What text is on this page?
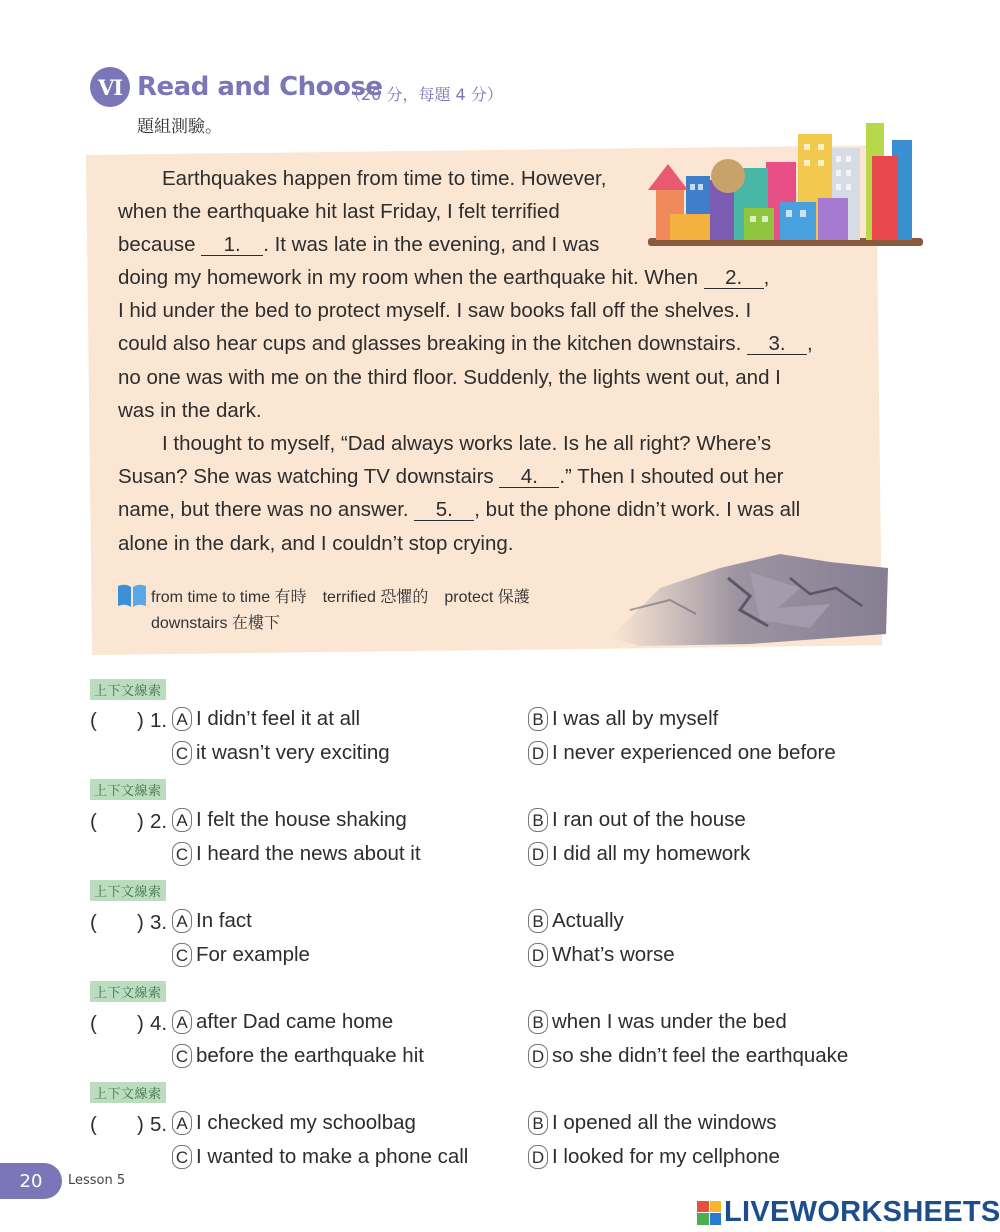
VI Read and Choose
（20 分，每題 4 分）
題組測驗。
Earthquakes happen from time to time. However,
when the earthquake hit last Friday, I felt terrified
because 1. . It was late in the evening, and I was
doing my homework in my room when the earthquake hit. When 2. ,
I hid under the bed to protect myself. I saw books fall off the shelves. I
could also hear cups and glasses breaking in the kitchen downstairs. 3. ,
no one was with me on the third floor. Suddenly, the lights went out, and I
was in the dark.
I thought to myself, “Dad always works late. Is he all right? Where’s
Susan? She was watching TV downstairs 4. .” Then I shouted out her
name, but there was no answer. 5. , but the phone didn’t work. I was all
alone in the dark, and I couldn’t stop crying.
from time to time 有時　terrified 恐懼的　protect 保護
downstairs 在樓下
上下文線索
( ) 1. A I didn’t feel it at all	B I was all by myself
C it wasn’t very exciting	D I never experienced one before
上下文線索
( ) 2. A I felt the house shaking	B I ran out of the house
C I heard the news about it	D I did all my homework
上下文線索
( ) 3. A In fact	B Actually
C For example	D What’s worse
上下文線索
( ) 4. A after Dad came home	B when I was under the bed
C before the earthquake hit	D so she didn’t feel the earthquake
上下文線索
( ) 5. A I checked my schoolbag	B I opened all the windows
C I wanted to make a phone call	D I looked for my cellphone
20	Lesson 5
LIVEWORKSHEETS
